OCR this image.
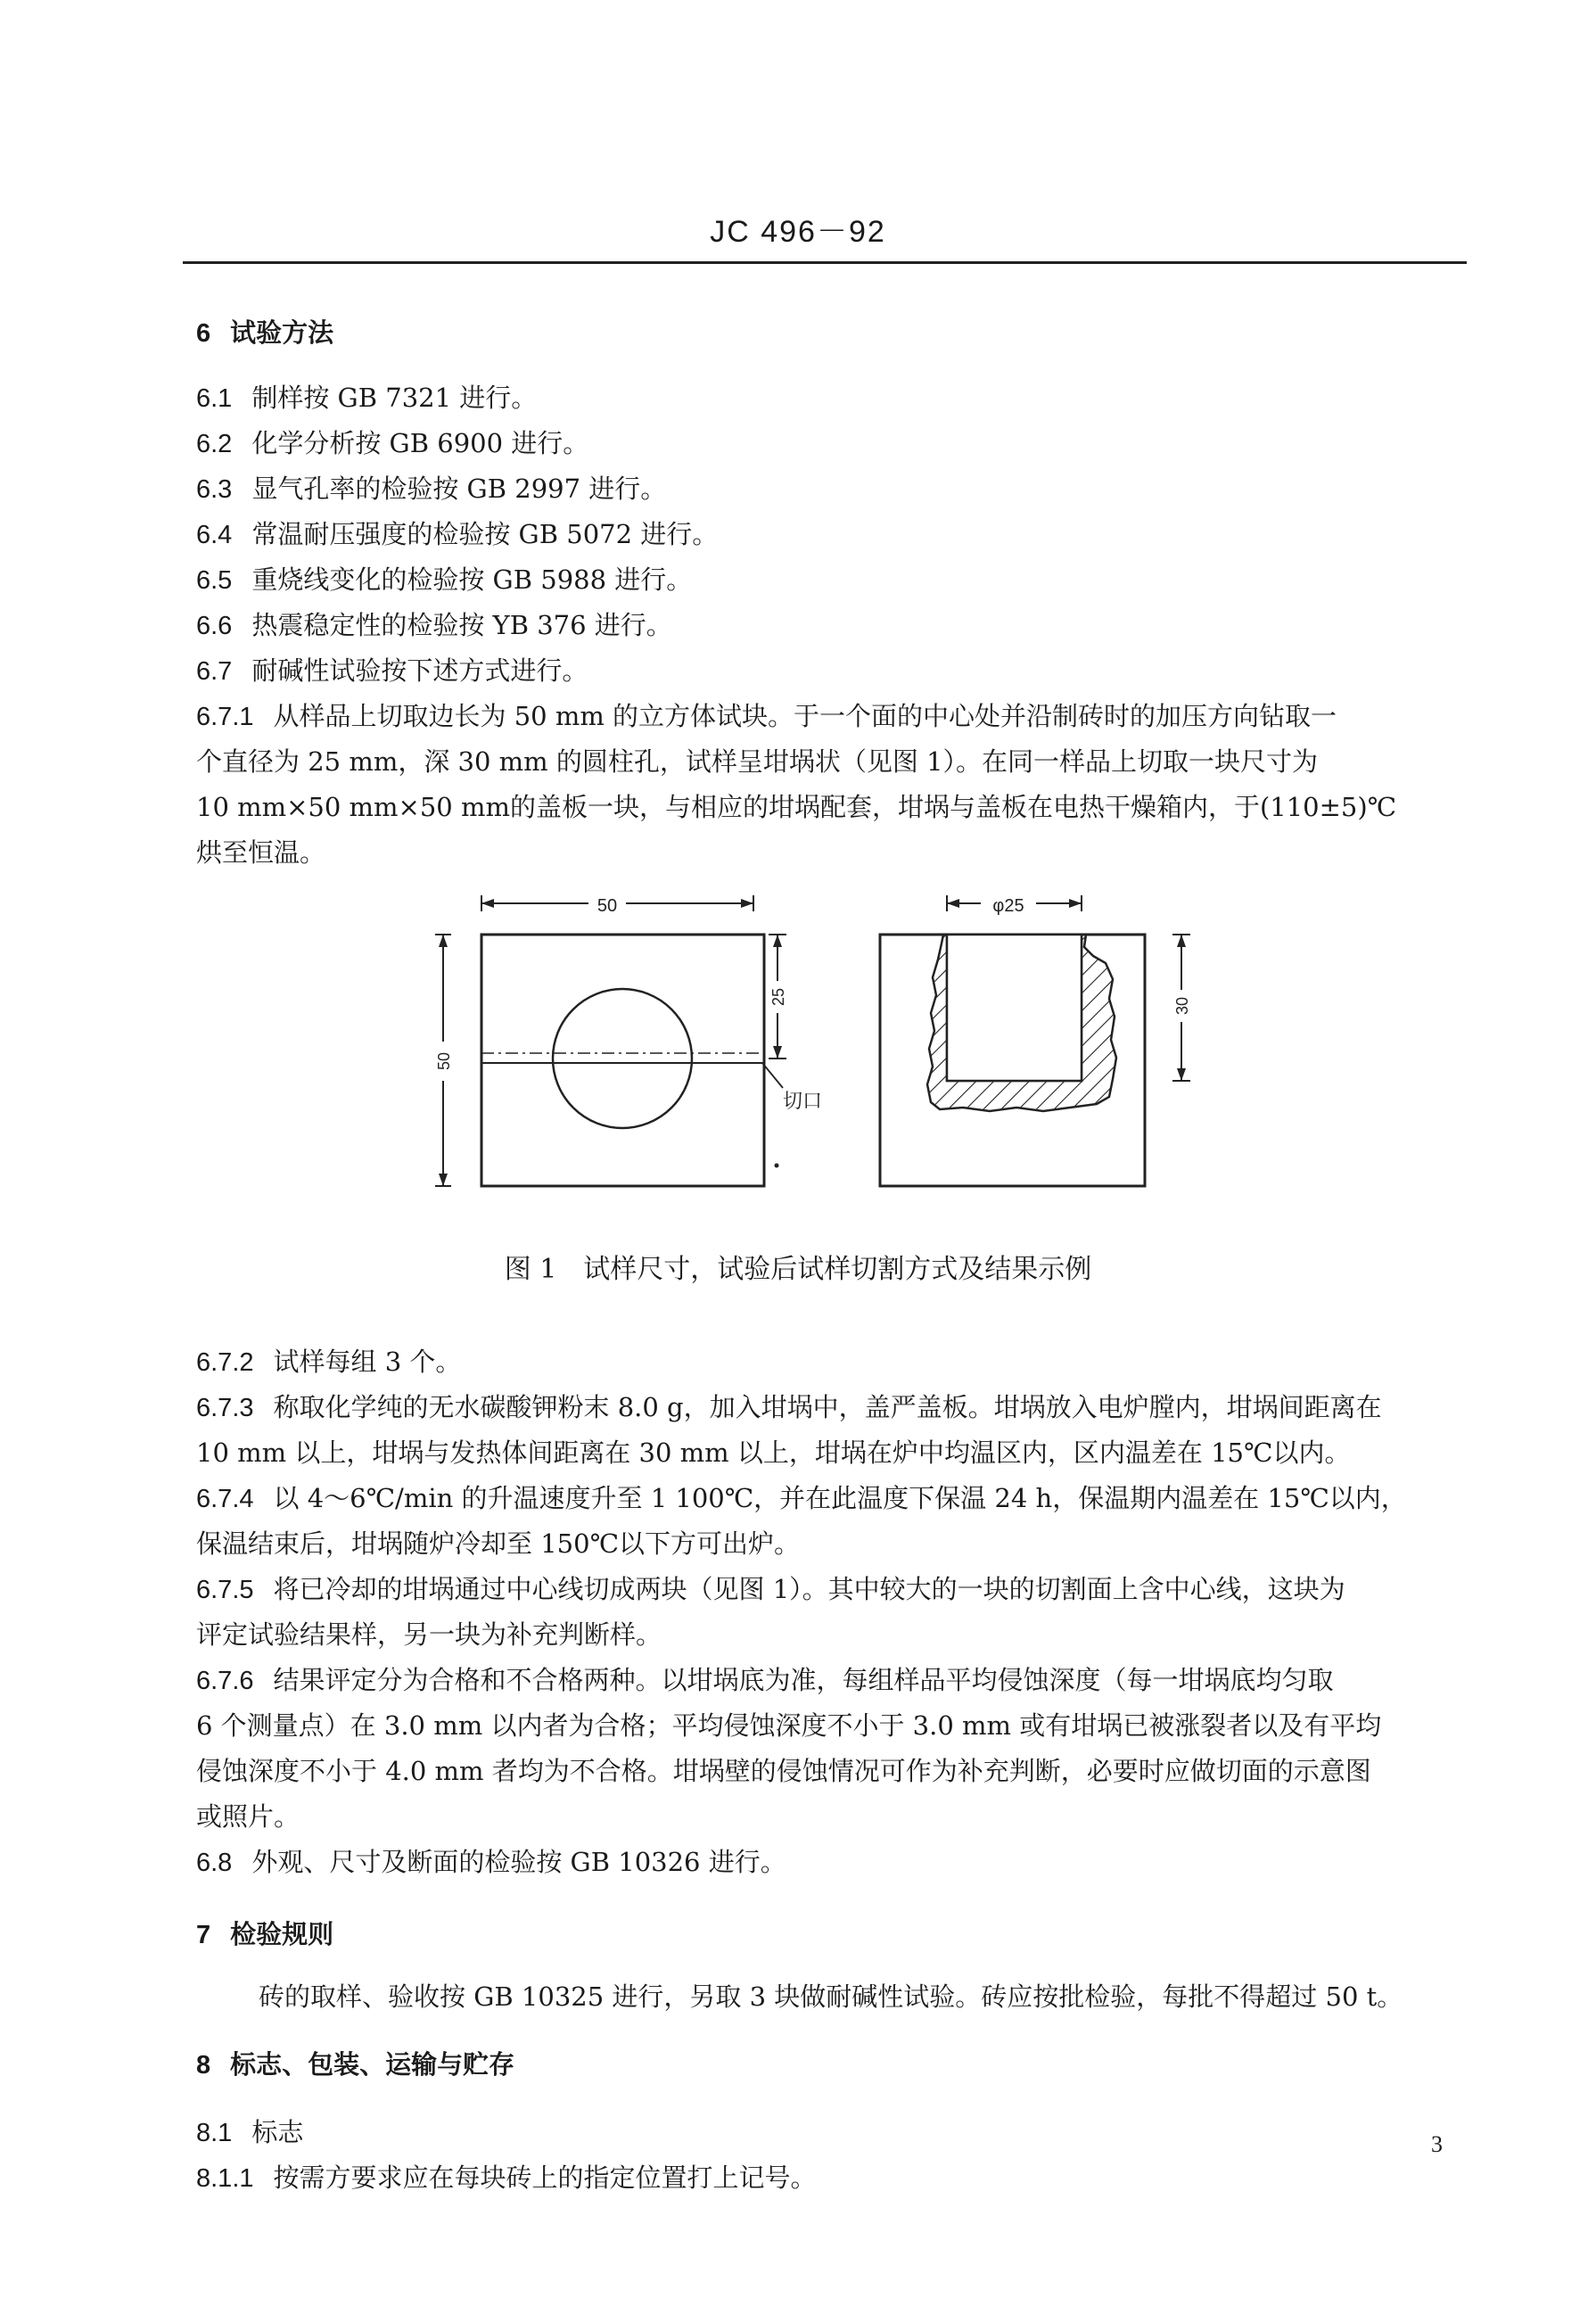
JC 496－92
6 试验方法
6.1 制样按 GB 7321 进行。
6.2 化学分析按 GB 6900 进行。
6.3 显气孔率的检验按 GB 2997 进行。
6.4 常温耐压强度的检验按 GB 5072 进行。
6.5 重烧线变化的检验按 GB 5988 进行。
6.6 热震稳定性的检验按 YB 376 进行。
6.7 耐碱性试验按下述方式进行。
6.7.1 从样品上切取边长为 50 mm 的立方体试块。于一个面的中心处并沿制砖时的加压方向钻取一
个直径为 25 mm，深 30 mm 的圆柱孔，试样呈坩埚状（见图 1）。在同一样品上切取一块尺寸为
10 mm×50 mm×50 mm的盖板一块，与相应的坩埚配套，坩埚与盖板在电热干燥箱内，于(110±5)℃
烘至恒温。
50
50
25
切口
φ25
30
图 1　试样尺寸，试验后试样切割方式及结果示例
6.7.2 试样每组 3 个。
6.7.3 称取化学纯的无水碳酸钾粉末 8.0 g，加入坩埚中，盖严盖板。坩埚放入电炉膛内，坩埚间距离在
10 mm 以上，坩埚与发热体间距离在 30 mm 以上，坩埚在炉中均温区内，区内温差在 15℃以内。
6.7.4 以 4～6℃/min 的升温速度升至 1 100℃，并在此温度下保温 24 h，保温期内温差在 15℃以内，
保温结束后，坩埚随炉冷却至 150℃以下方可出炉。
6.7.5 将已冷却的坩埚通过中心线切成两块（见图 1）。其中较大的一块的切割面上含中心线，这块为
评定试验结果样，另一块为补充判断样。
6.7.6 结果评定分为合格和不合格两种。以坩埚底为准，每组样品平均侵蚀深度（每一坩埚底均匀取
6 个测量点）在 3.0 mm 以内者为合格；平均侵蚀深度不小于 3.0 mm 或有坩埚已被涨裂者以及有平均
侵蚀深度不小于 4.0 mm 者均为不合格。坩埚壁的侵蚀情况可作为补充判断，必要时应做切面的示意图
或照片。
6.8 外观、尺寸及断面的检验按 GB 10326 进行。
7 检验规则
砖的取样、验收按 GB 10325 进行，另取 3 块做耐碱性试验。砖应按批检验，每批不得超过 50 t。
8 标志、包装、运输与贮存
8.1 标志
8.1.1 按需方要求应在每块砖上的指定位置打上记号。
3
